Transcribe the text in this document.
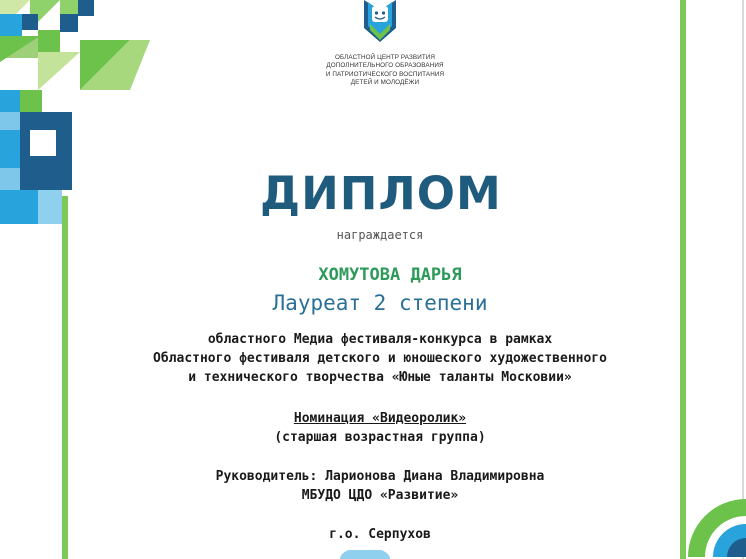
ОБЛАСТНОЙ ЦЕНТР РАЗВИТИЯ
ДОПОЛНИТЕЛЬНОГО ОБРАЗОВАНИЯ
И ПАТРИОТИЧЕСКОГО ВОСПИТАНИЯ
ДЕТЕЙ И МОЛОДЁЖИ
ДИПЛОМ
награждается
ХОМУТОВА ДАРЬЯ
Лауреат 2 степени
областного Медиа фестиваля-конкурса в рамках
Областного фестиваля детского и юношеского художественного
и технического творчества «Юные таланты Московии»
Номинация «Видеоролик»
(старшая возрастная группа)
Руководитель: Ларионова Диана Владимировна
МБУДО ЦДО «Развитие»
г.о. Серпухов
